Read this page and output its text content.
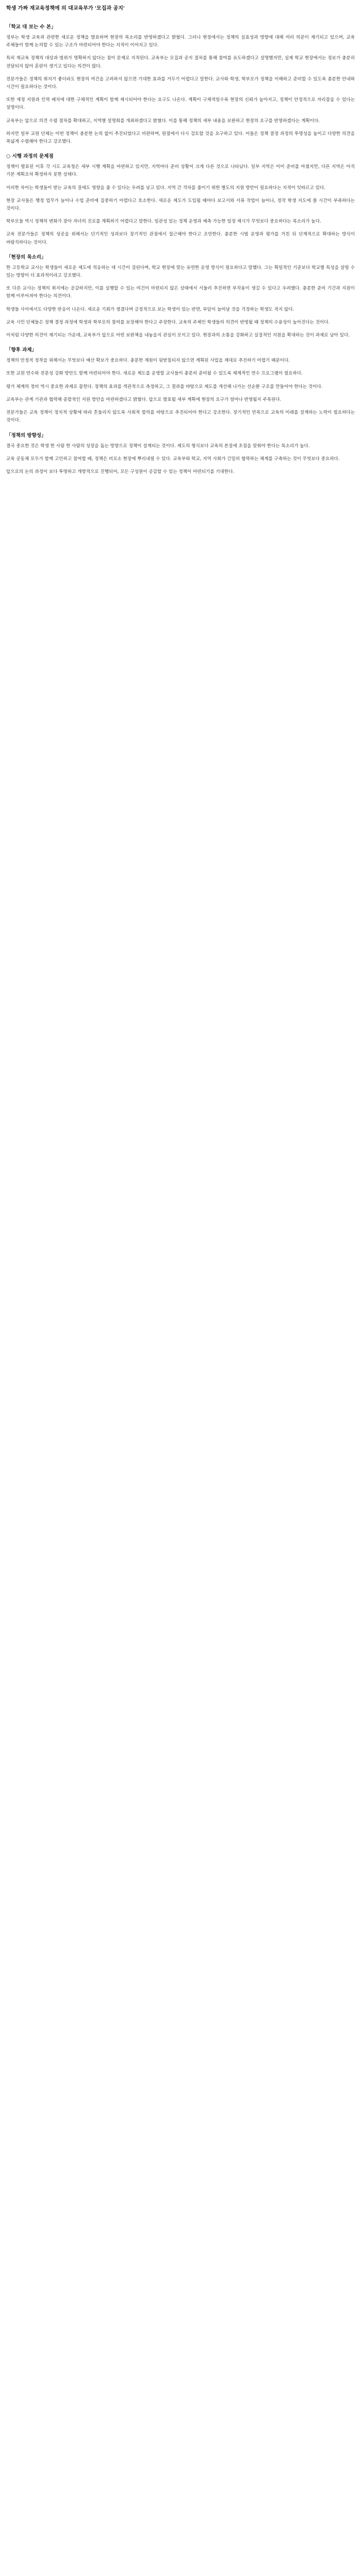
학생 가짜 재교육정책에 의 대교육부가 '모집과 공지'
「학교 대 보는 수 본」

정부는 학생 교육과 관련한 새로운 정책을 발표하며 현장의 목소리를 반영하겠다고 밝혔다. 그러나 현장에서는 정책의 실효성과 방향에 대해 여러 의문이 제기되고 있으며, 교육 주체들이 함께 논의할 수 있는 구조가 마련되어야 한다는 지적이 이어지고 있다.

특히 재교육 정책의 대상과 범위가 명확하지 않다는 점이 문제로 지적된다. 교육부는 모집과 공지 절차를 통해 참여를 유도하겠다고 설명했지만, 실제 학교 현장에서는 정보가 충분히 전달되지 않아 혼란이 생기고 있다는 의견이 많다.

전문가들은 정책의 취지가 좋더라도 현장의 여건을 고려하지 않으면 기대한 효과를 거두기 어렵다고 말한다. 교사와 학생, 학부모가 정책을 이해하고 준비할 수 있도록 충분한 안내와 시간이 필요하다는 것이다.

또한 재정 지원과 인력 배치에 대한 구체적인 계획이 함께 제시되어야 한다는 요구도 나온다. 계획이 구체적일수록 현장의 신뢰가 높아지고, 정책이 안정적으로 자리잡을 수 있다는 설명이다.

교육부는 앞으로 의견 수렴 절차를 확대하고, 지역별 설명회를 개최하겠다고 밝혔다. 이를 통해 정책의 세부 내용을 보완하고 현장의 요구를 반영하겠다는 계획이다.

하지만 일부 교원 단체는 이번 정책이 충분한 논의 없이 추진되었다고 비판하며, 원점에서 다시 검토할 것을 요구하고 있다. 이들은 정책 결정 과정의 투명성을 높이고 다양한 의견을 폭넓게 수렴해야 한다고 강조했다.

○ 시행 과정의 문제점

정책이 발표된 이후 각 시도 교육청은 세부 시행 계획을 마련하고 있지만, 지역마다 준비 상황이 크게 다른 것으로 나타났다. 일부 지역은 이미 준비를 마쳤지만, 다른 지역은 아직 기본 계획조차 확정하지 못한 상태다.

이러한 차이는 학생들이 받는 교육의 질에도 영향을 줄 수 있다는 우려를 낳고 있다. 지역 간 격차를 줄이기 위한 별도의 지원 방안이 필요하다는 지적이 잇따르고 있다.

현장 교사들은 행정 업무가 늘어나 수업 준비에 집중하기 어렵다고 호소한다. 새로운 제도가 도입될 때마다 보고서와 서류 작업이 늘어나, 정작 학생 지도에 쓸 시간이 부족하다는 것이다.

학부모들 역시 정책의 변화가 잦아 자녀의 진로를 계획하기 어렵다고 말한다. 일관성 있는 정책 운영과 예측 가능한 일정 제시가 무엇보다 중요하다는 목소리가 높다.

교육 전문가들은 정책의 성공을 위해서는 단기적인 성과보다 장기적인 관점에서 접근해야 한다고 조언한다. 충분한 시범 운영과 평가를 거친 뒤 단계적으로 확대하는 방식이 바람직하다는 것이다.

「현장의 목소리」

한 고등학교 교사는 학생들이 새로운 제도에 적응하는 데 시간이 걸린다며, 학교 현장에 맞는 유연한 운영 방식이 필요하다고 말했다. 그는 획일적인 기준보다 학교별 특성을 살릴 수 있는 방향이 더 효과적이라고 강조했다.

또 다른 교사는 정책의 취지에는 공감하지만, 이를 실행할 수 있는 여건이 마련되지 않은 상태에서 서둘러 추진하면 부작용이 생길 수 있다고 우려했다. 충분한 준비 기간과 지원이 함께 이루어져야 한다는 의견이다.

학생들 사이에서도 다양한 반응이 나온다. 새로운 기회가 생겼다며 긍정적으로 보는 학생이 있는 반면, 부담이 늘어날 것을 걱정하는 학생도 적지 않다.

교육 시민 단체들은 정책 결정 과정에 학생과 학부모의 참여를 보장해야 한다고 주장한다. 교육의 주체인 학생들의 의견이 반영될 때 정책의 수용성이 높아진다는 것이다.

이처럼 다양한 의견이 제기되는 가운데, 교육부가 앞으로 어떤 보완책을 내놓을지 관심이 모이고 있다. 현장과의 소통을 강화하고 실질적인 지원을 확대하는 것이 과제로 남아 있다.

「향후 과제」

정책의 안정적 정착을 위해서는 무엇보다 예산 확보가 중요하다. 충분한 재원이 뒷받침되지 않으면 계획된 사업을 제대로 추진하기 어렵기 때문이다.

또한 교원 연수와 전문성 강화 방안도 함께 마련되어야 한다. 새로운 제도를 운영할 교사들이 충분히 준비될 수 있도록 체계적인 연수 프로그램이 필요하다.

평가 체계의 정비 역시 중요한 과제로 꼽힌다. 정책의 효과를 객관적으로 측정하고, 그 결과를 바탕으로 제도를 개선해 나가는 선순환 구조를 만들어야 한다는 것이다.

교육부는 관계 기관과 협력해 종합적인 지원 방안을 마련하겠다고 밝혔다. 앞으로 발표될 세부 계획에 현장의 요구가 얼마나 반영될지 주목된다.

전문가들은 교육 정책이 정치적 상황에 따라 흔들리지 않도록 사회적 합의를 바탕으로 추진되어야 한다고 강조한다. 장기적인 안목으로 교육의 미래를 설계하는 노력이 필요하다는 것이다.

「정책의 방향성」

결국 중요한 것은 학생 한 사람 한 사람의 성장을 돕는 방향으로 정책이 설계되는 것이다. 제도의 형식보다 교육의 본질에 초점을 맞춰야 한다는 목소리가 높다.

교육 공동체 모두가 함께 고민하고 참여할 때, 정책은 비로소 현장에 뿌리내릴 수 있다. 교육부와 학교, 지역 사회가 긴밀히 협력하는 체계를 구축하는 것이 무엇보다 중요하다.

앞으로의 논의 과정이 보다 투명하고 개방적으로 진행되어, 모든 구성원이 공감할 수 있는 정책이 마련되기를 기대한다.
